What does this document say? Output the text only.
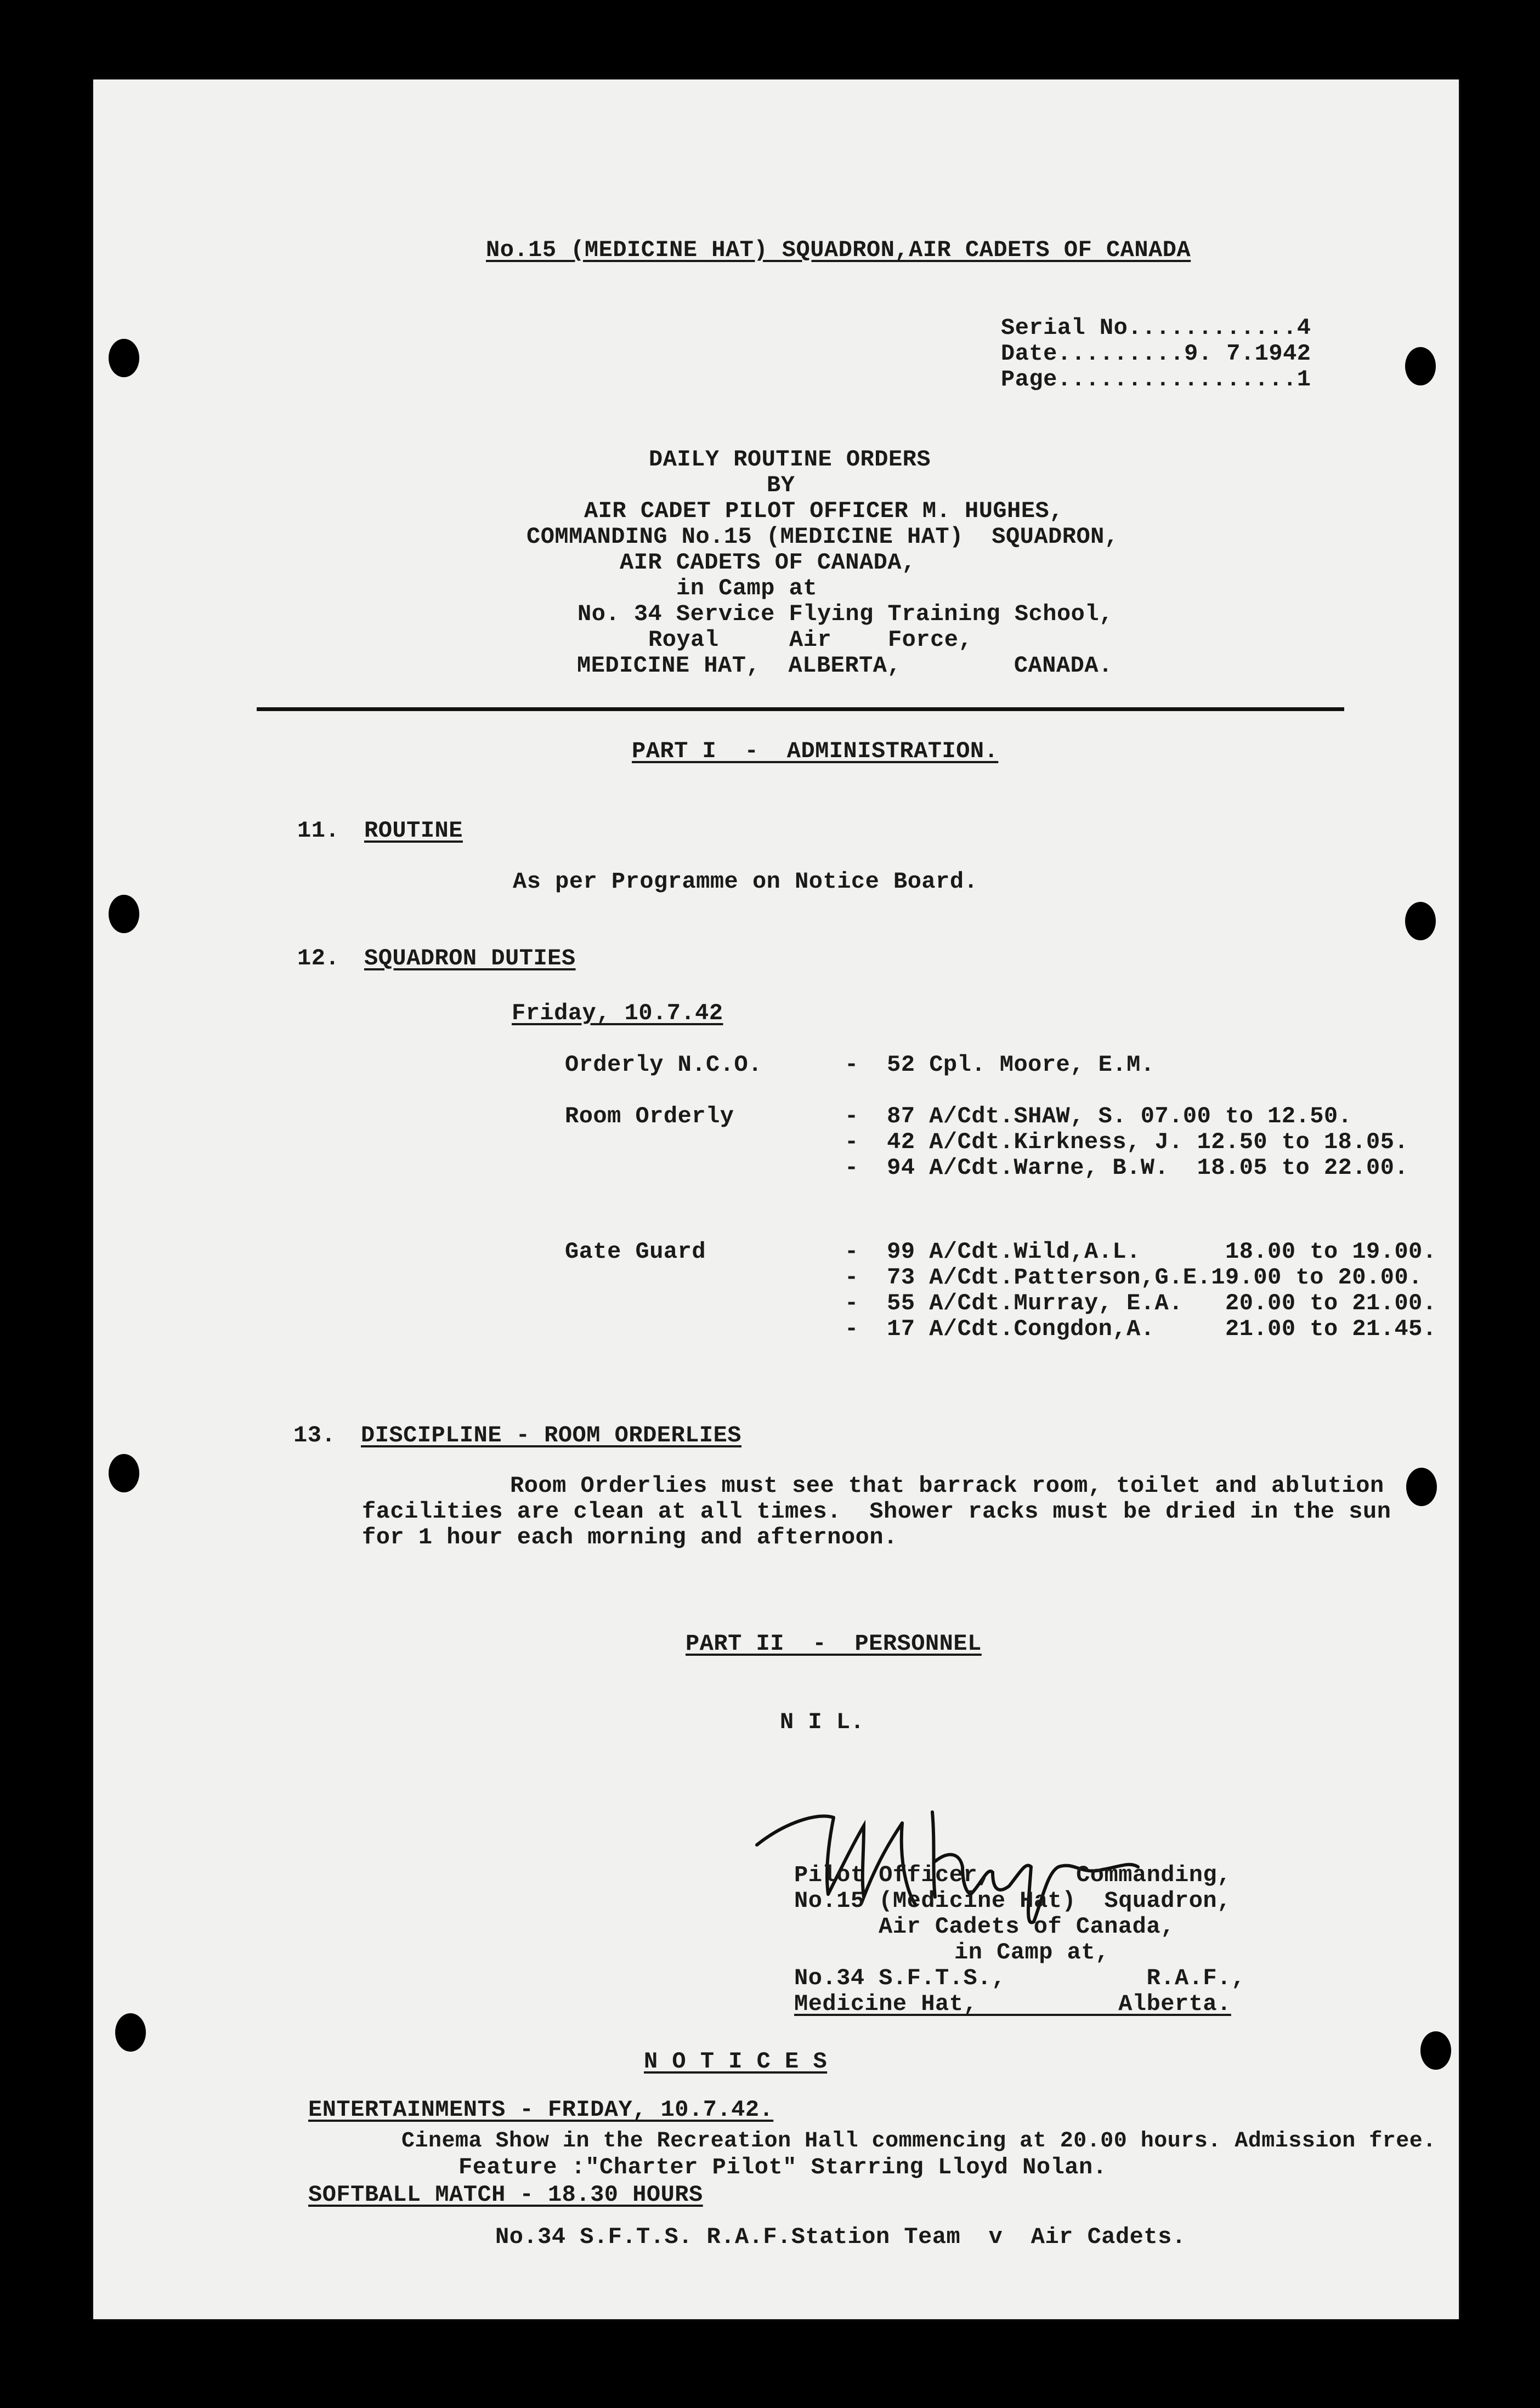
No.15 (MEDICINE HAT) SQUADRON,AIR CADETS OF CANADA
Serial No............4
Date.........9. 7.1942
Page.................1
DAILY ROUTINE ORDERS
BY
AIR CADET PILOT OFFICER M. HUGHES,
COMMANDING No.15 (MEDICINE HAT)  SQUADRON,
AIR CADETS OF CANADA,
in Camp at
No. 34 Service Flying Training School,
Royal     Air    Force,
MEDICINE HAT,  ALBERTA,        CANADA.
PART I  -  ADMINISTRATION.
11. ROUTINE
As per Programme on Notice Board.
12. SQUADRON DUTIES
Friday, 10.7.42
Orderly N.C.O.	-  52 Cpl. Moore, E.M.
Room Orderly	-  87 A/Cdt.SHAW, S. 07.00 to 12.50.
-  42 A/Cdt.Kirkness, J. 12.50 to 18.05.
-  94 A/Cdt.Warne, B.W.  18.05 to 22.00.
Gate Guard	-  99 A/Cdt.Wild,A.L.      18.00 to 19.00.
-  73 A/Cdt.Patterson,G.E.19.00 to 20.00.
-  55 A/Cdt.Murray, E.A.   20.00 to 21.00.
-  17 A/Cdt.Congdon,A.     21.00 to 21.45.
13. DISCIPLINE - ROOM ORDERLIES
Room Orderlies must see that barrack room, toilet and ablution
facilities are clean at all times.  Shower racks must be dried in the sun
for 1 hour each morning and afternoon.
PART II  -  PERSONNEL
N I L.
Pilot Officer,      Commanding,
No.15 (Medicine Hat)  Squadron,
Air Cadets of Canada,
in Camp at,
No.34 S.F.T.S.,          R.A.F.,
Medicine Hat,          Alberta.
N O T I C E S
ENTERTAINMENTS - FRIDAY, 10.7.42.
Cinema Show in the Recreation Hall commencing at 20.00 hours. Admission free.
Feature :"Charter Pilot" Starring Lloyd Nolan.
SOFTBALL MATCH - 18.30 HOURS
No.34 S.F.T.S. R.A.F.Station Team  v  Air Cadets.
